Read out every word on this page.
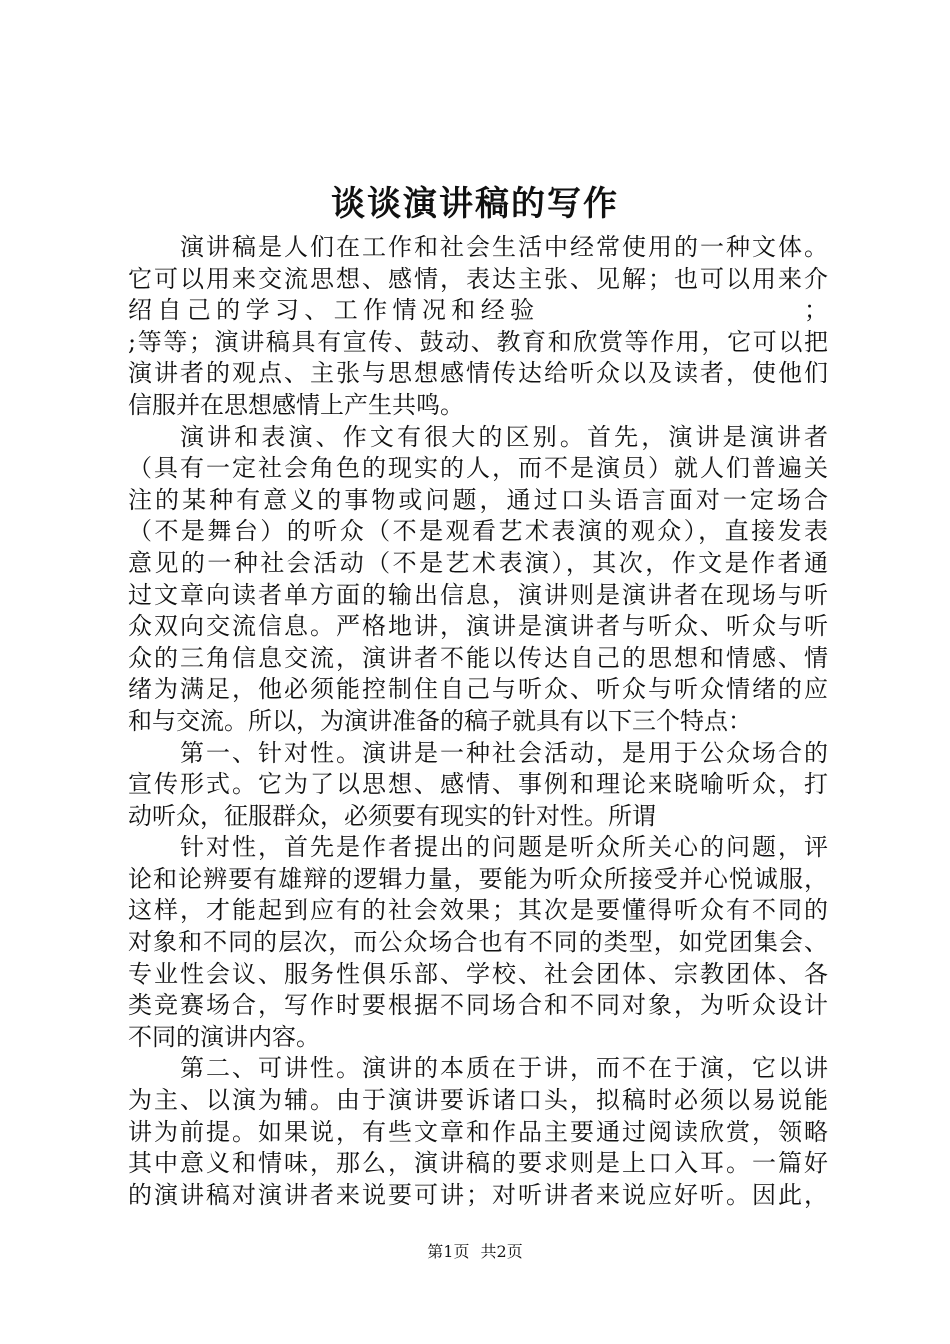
谈谈演讲稿的写作
演讲稿是人们在工作和社会生活中经常使用的一种文体。
它可以用来交流思想、感情，表达主张、见解；也可以用来介
绍自己的学习、工作情况和经验　　　　　　　　　；
;等等；演讲稿具有宣传、鼓动、教育和欣赏等作用，它可以把
演讲者的观点、主张与思想感情传达给听众以及读者，使他们
信服并在思想感情上产生共鸣。
演讲和表演、作文有很大的区别。首先，演讲是演讲者
（具有一定社会角色的现实的人，而不是演员）就人们普遍关
注的某种有意义的事物或问题，通过口头语言面对一定场合
（不是舞台）的听众（不是观看艺术表演的观众），直接发表
意见的一种社会活动（不是艺术表演），其次，作文是作者通
过文章向读者单方面的输出信息，演讲则是演讲者在现场与听
众双向交流信息。严格地讲，演讲是演讲者与听众、听众与听
众的三角信息交流，演讲者不能以传达自己的思想和情感、情
绪为满足，他必须能控制住自己与听众、听众与听众情绪的应
和与交流。所以，为演讲准备的稿子就具有以下三个特点：
第一、针对性。演讲是一种社会活动，是用于公众场合的
宣传形式。它为了以思想、感情、事例和理论来晓喻听众，打
动听众，征服群众，必须要有现实的针对性。所谓
针对性，首先是作者提出的问题是听众所关心的问题，评
论和论辨要有雄辩的逻辑力量，要能为听众所接受并心悦诚服，
这样，才能起到应有的社会效果；其次是要懂得听众有不同的
对象和不同的层次，而公众场合也有不同的类型，如党团集会、
专业性会议、服务性俱乐部、学校、社会团体、宗教团体、各
类竞赛场合，写作时要根据不同场合和不同对象，为听众设计
不同的演讲内容。
第二、可讲性。演讲的本质在于讲，而不在于演，它以讲
为主、以演为辅。由于演讲要诉诸口头，拟稿时必须以易说能
讲为前提。如果说，有些文章和作品主要通过阅读欣赏，领略
其中意义和情味，那么，演讲稿的要求则是上口入耳。一篇好
的演讲稿对演讲者来说要可讲；对听讲者来说应好听。因此，
第1页 共2页
